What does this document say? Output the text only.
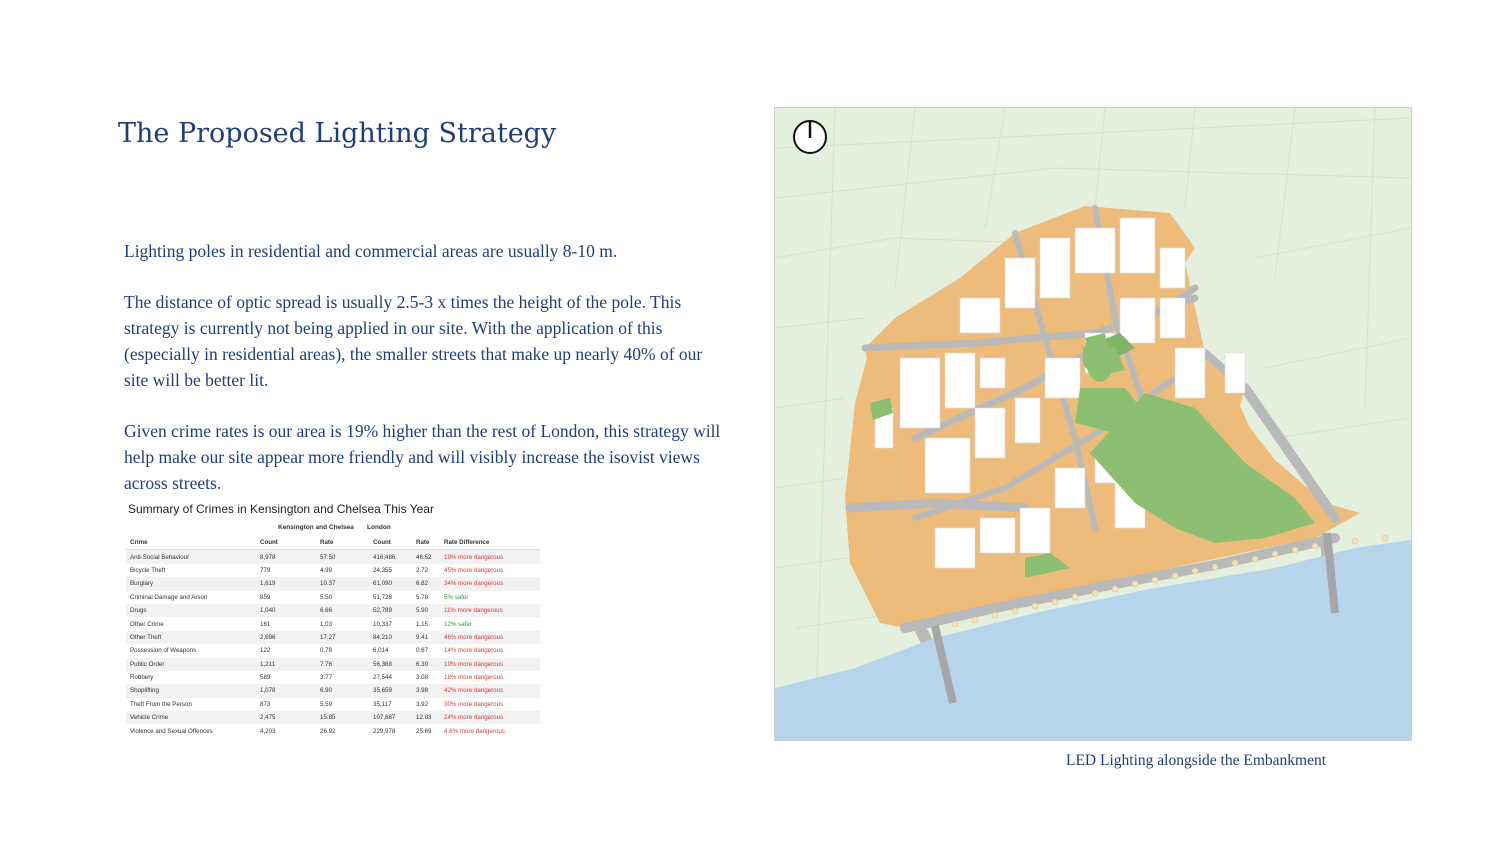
The Proposed Lighting Strategy

Lighting poles in residential and commercial areas are usually 8-10 m.

The distance of optic spread is usually 2.5-3 x times the height of the pole. This strategy is currently not being applied in our site. With the application of this (especially in residential areas), the smaller streets that make up nearly 40% of our site will be better lit.

Given crime rates is our area is 19% higher than the rest of London, this strategy will help make our site appear more friendly and will visibly increase the isovist views across streets.

Summary of Crimes in Kensington and Chelsea This Year
Kensington and Chelsea London
Crime	Count	Rate	Count	Rate	Rate Difference
Anti-Social Behaviour	8,978	57.50	416,486	46.52	19% more dangerous
Bicycle Theft	779	4.99	24,355	2.72	45% more dangerous
Burglary	1,619	10.37	61,090	6.82	34% more dangerous
Criminal Damage and Arson	859	5.50	51,728	5.78	5% safer
Drugs	1,040	6.66	52,789	5.90	11% more dangerous
Other Crime	161	1.03	10,337	1.15	12% safer
Other Theft	2,696	17.27	84,210	9.41	46% more dangerous
Possession of Weapons	122	0.78	6,014	0.67	14% more dangerous
Public Order	1,211	7.76	56,368	6.30	19% more dangerous
Robbery	589	3.77	27,544	3.08	18% more dangerous
Shoplifting	1,078	6.90	35,659	3.98	42% more dangerous
Theft From the Person	873	5.59	35,117	3.92	30% more dangerous
Vehicle Crime	2,475	15.85	107,687	12.03	24% more dangerous
Violence and Sexual Offences	4,203	26.92	229,978	25.69	4.6% more dangerous
LED Lighting alongside the Embankment
